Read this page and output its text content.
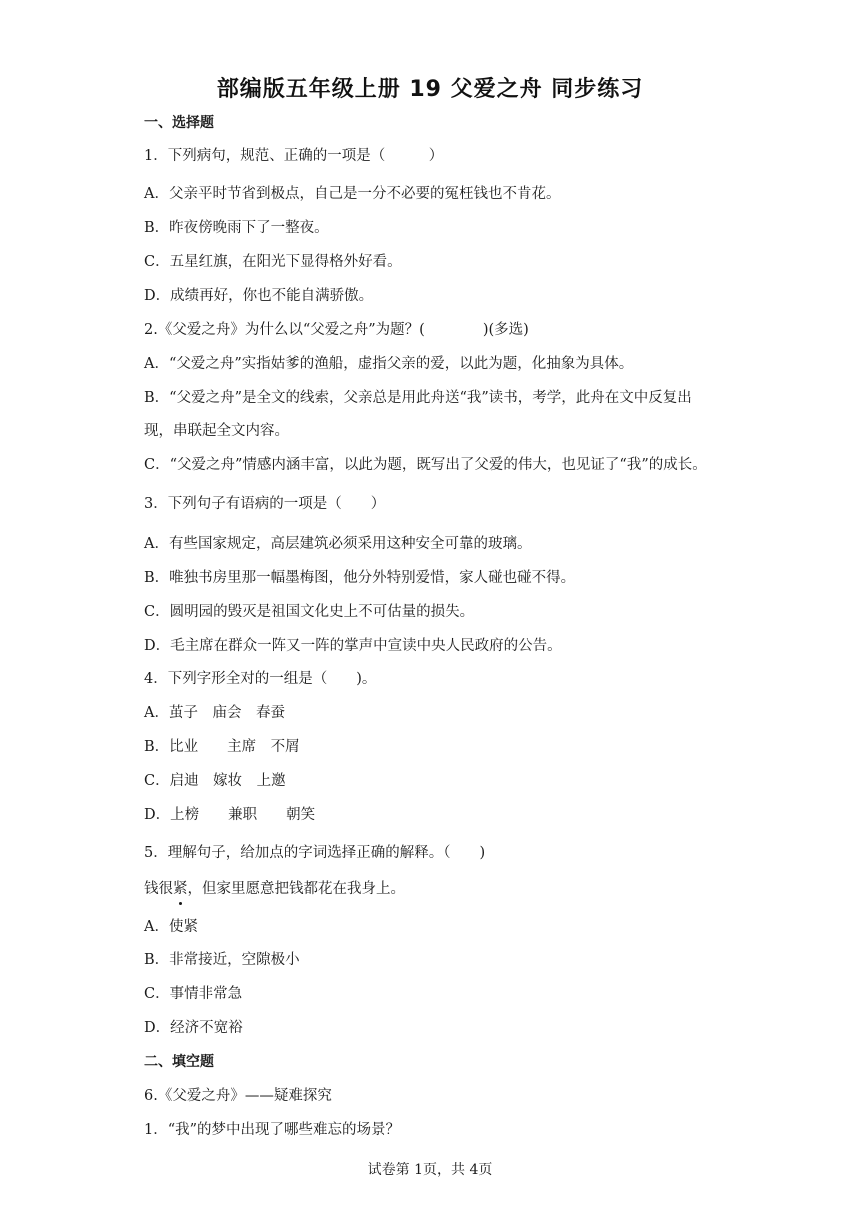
部编版五年级上册 19 父爱之舟 同步练习
一、选择题
1．下列病句，规范、正确的一项是（　　　）
A．父亲平时节省到极点，自己是一分不必要的冤枉钱也不肯花。
B．昨夜傍晚雨下了一整夜。
C．五星红旗，在阳光下显得格外好看。
D．成绩再好，你也不能自满骄傲。
2.《父爱之舟》为什么以“父爱之舟”为题？(　　　　)(多选)
A．“父爱之舟”实指姑爹的渔船，虚指父亲的爱，以此为题，化抽象为具体。
B．“父爱之舟”是全文的线索，父亲总是用此舟送“我”读书，考学，此舟在文中反复出
现，串联起全文内容。
C．“父爱之舟”情感内涵丰富，以此为题，既写出了父爱的伟大，也见证了“我”的成长。
3．下列句子有语病的一项是（　　）
A．有些国家规定，高层建筑必须采用这种安全可靠的玻璃。
B．唯独书房里那一幅墨梅图，他分外特别爱惜，家人碰也碰不得。
C．圆明园的毁灭是祖国文化史上不可估量的损失。
D．毛主席在群众一阵又一阵的掌声中宣读中央人民政府的公告。
4．下列字形全对的一组是（　　)。
A．茧子　庙会　春蚕
B．比业　　主席　不屑
C．启迪　嫁妆　上邀
D．上榜　　兼职　　朝笑
5．理解句子，给加点的字词选择正确的解释。（　　)
钱很紧
，但家里愿意把钱都花在我身上。
A．使紧
B．非常接近，空隙极小
C．事情非常急
D．经济不宽裕
二、填空题
6.《父爱之舟》——疑难探究
1．“我”的梦中出现了哪些难忘的场景？
试卷第 1页，共 4页
